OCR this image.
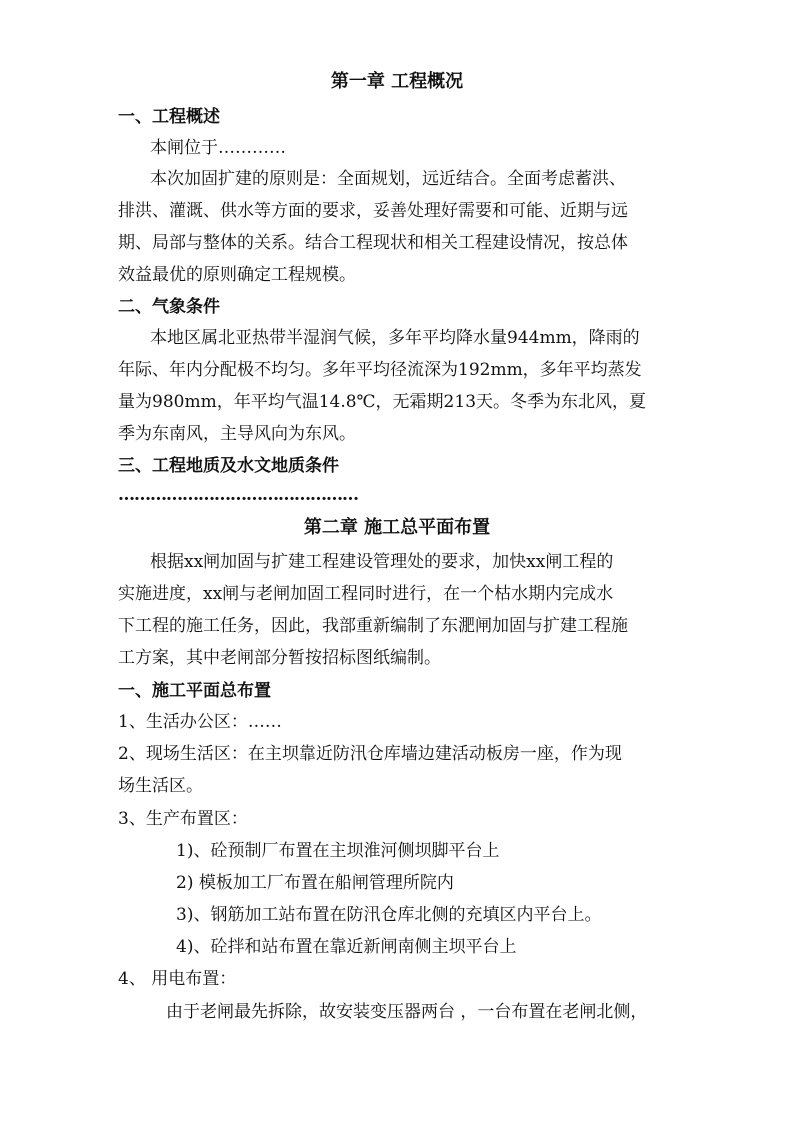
第一章 工程概况
一、工程概述
本闸位于…………
本次加固扩建的原则是：全面规划，远近结合。全面考虑蓄洪、
排洪、灌溉、供水等方面的要求，妥善处理好需要和可能、近期与远
期、局部与整体的关系。结合工程现状和相关工程建设情况，按总体
效益最优的原则确定工程规模。
二、气象条件
本地区属北亚热带半湿润气候，多年平均降水量944mm，降雨的
年际、年内分配极不均匀。多年平均径流深为192mm，多年平均蒸发
量为980mm，年平均气温14.8℃，无霜期213天。冬季为东北风，夏
季为东南风，主导风向为东风。
三、工程地质及水文地质条件
………………………………………
第二章 施工总平面布置
根据xx闸加固与扩建工程建设管理处的要求，加快xx闸工程的
实施进度，xx闸与老闸加固工程同时进行，在一个枯水期内完成水
下工程的施工任务，因此，我部重新编制了东淝闸加固与扩建工程施
工方案，其中老闸部分暂按招标图纸编制。
一、施工平面总布置
1、生活办公区：……
2、现场生活区：在主坝靠近防汛仓库墙边建活动板房一座，作为现
场生活区。
3、生产布置区：
1)、砼预制厂布置在主坝淮河侧坝脚平台上
2) 模板加工厂布置在船闸管理所院内
3)、钢筋加工站布置在防汛仓库北侧的充填区内平台上。
4)、砼拌和站布置在靠近新闸南侧主坝平台上
4、 用电布置：
由于老闸最先拆除，故安装变压器两台 ，一台布置在老闸北侧，
